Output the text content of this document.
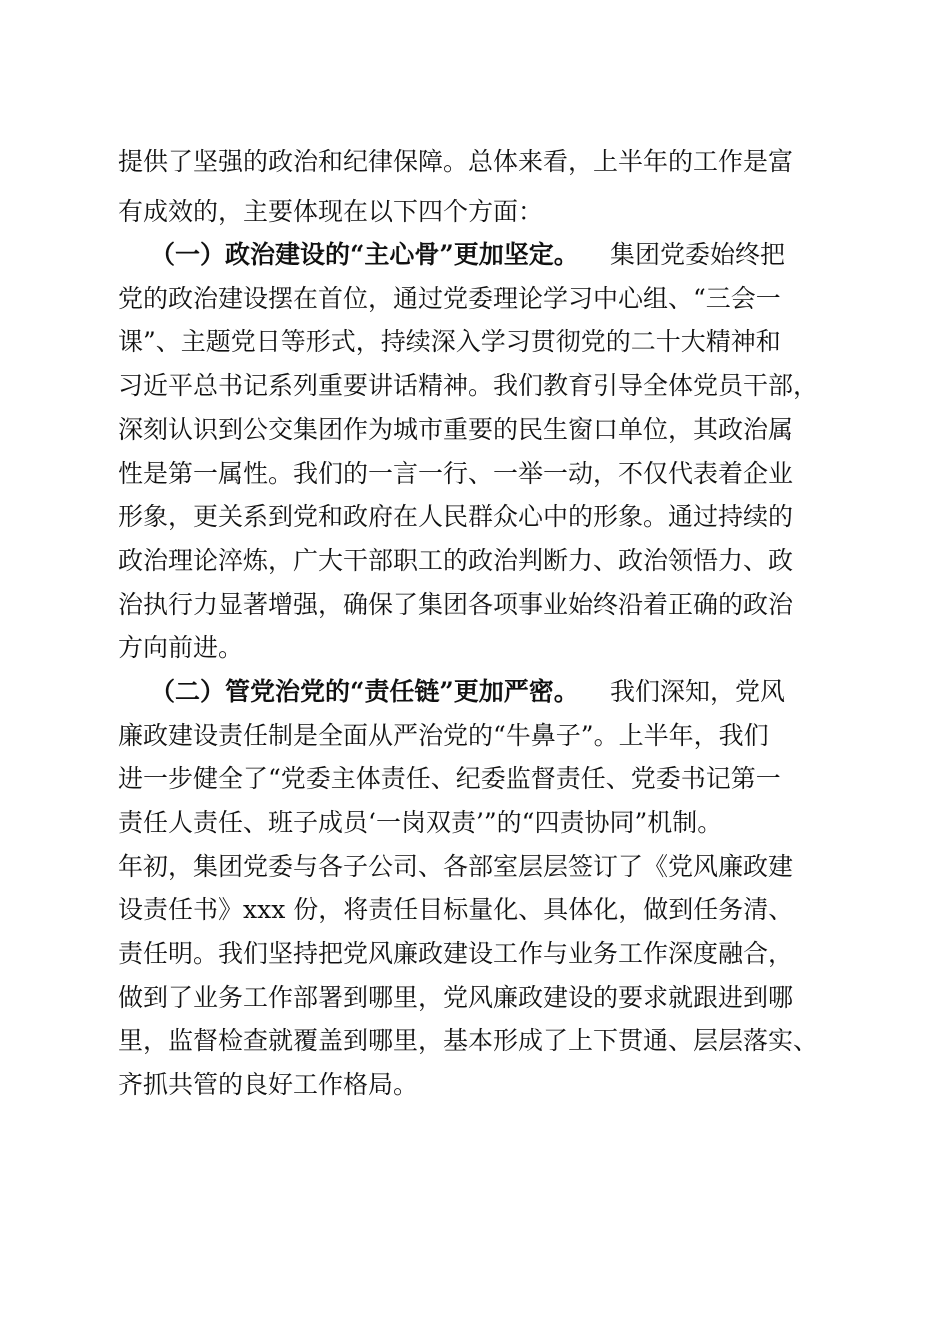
提供了坚强的政治和纪律保障。总体来看，上半年的工作是富
有成效的，主要体现在以下四个方面：
（一）政治建设的“主心骨”更加坚定。 集团党委始终把
党的政治建设摆在首位，通过党委理论学习中心组、“三会一
课”、主题党日等形式，持续深入学习贯彻党的二十大精神和
习近平总书记系列重要讲话精神。我们教育引导全体党员干部，
深刻认识到公交集团作为城市重要的民生窗口单位，其政治属
性是第一属性。我们的一言一行、一举一动，不仅代表着企业
形象，更关系到党和政府在人民群众心中的形象。通过持续的
政治理论淬炼，广大干部职工的政治判断力、政治领悟力、政
治执行力显著增强，确保了集团各项事业始终沿着正确的政治
方向前进。
（二）管党治党的“责任链”更加严密。 我们深知，党风
廉政建设责任制是全面从严治党的“牛鼻子”。上半年，我们
进一步健全了“党委主体责任、纪委监督责任、党委书记第一
责任人责任、班子成员‘一岗双责’”的“四责协同”机制。
年初，集团党委与各子公司、各部室层层签订了《党风廉政建
设责任书》xxx 份，将责任目标量化、具体化，做到任务清、
责任明。我们坚持把党风廉政建设工作与业务工作深度融合，
做到了业务工作部署到哪里，党风廉政建设的要求就跟进到哪
里，监督检查就覆盖到哪里，基本形成了上下贯通、层层落实、
齐抓共管的良好工作格局。
